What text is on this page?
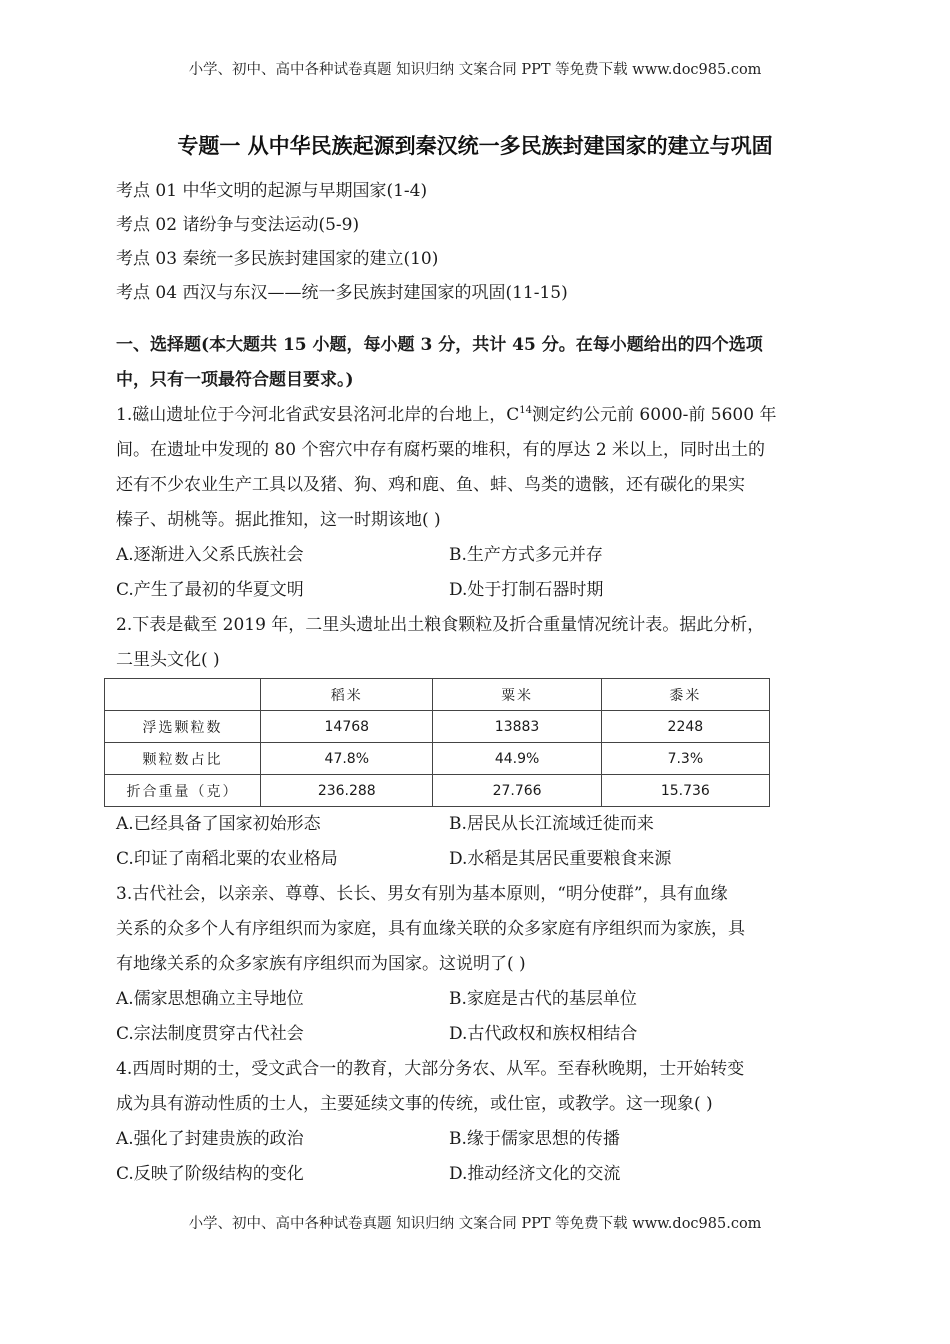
小学、初中、高中各种试卷真题 知识归纳 文案合同 PPT 等免费下载 www.doc985.com
专题一 从中华民族起源到秦汉统一多民族封建国家的建立与巩固
考点 01 中华文明的起源与早期国家(1-4)
考点 02 诸纷争与变法运动(5-9)
考点 03 秦统一多民族封建国家的建立(10)
考点 04 西汉与东汉——统一多民族封建国家的巩固(11-15)
一、选择题(本大题共 15 小题，每小题 3 分，共计 45 分。在每小题给出的四个选项
中，只有一项最符合题目要求。)
1.磁山遗址位于今河北省武安县洺河北岸的台地上，$C^{14}$测定约公元前 6000-前 5600 年
间。在遗址中发现的 80 个窖穴中存有腐朽粟的堆积，有的厚达 2 米以上，同时出土的
还有不少农业生产工具以及猪、狗、鸡和鹿、鱼、蚌、鸟类的遗骸，还有碳化的果实
榛子、胡桃等。据此推知，这一时期该地( )
A.逐渐进入父系氏族社会	B.生产方式多元并存
C.产生了最初的华夏文明	D.处于打制石器时期
2.下表是截至 2019 年，二里头遗址出土粮食颗粒及折合重量情况统计表。据此分析，
二里头文化( )
	稻米	粟米	黍米
浮选颗粒数	14768	13883	2248
颗粒数占比	47.8%	44.9%	7.3%
折合重量（克）	236.288	27.766	15.736
A.已经具备了国家初始形态	B.居民从长江流域迁徙而来
C.印证了南稻北粟的农业格局	D.水稻是其居民重要粮食来源
3.古代社会，以亲亲、尊尊、长长、男女有别为基本原则，“明分使群”，具有血缘
关系的众多个人有序组织而为家庭，具有血缘关联的众多家庭有序组织而为家族，具
有地缘关系的众多家族有序组织而为国家。这说明了( )
A.儒家思想确立主导地位	B.家庭是古代的基层单位
C.宗法制度贯穿古代社会	D.古代政权和族权相结合
4.西周时期的士，受文武合一的教育，大部分务农、从军。至春秋晚期，士开始转变
成为具有游动性质的士人，主要延续文事的传统，或仕宦，或教学。这一现象( )
A.强化了封建贵族的政治	B.缘于儒家思想的传播
C.反映了阶级结构的变化	D.推动经济文化的交流
小学、初中、高中各种试卷真题 知识归纳 文案合同 PPT 等免费下载 www.doc985.com
